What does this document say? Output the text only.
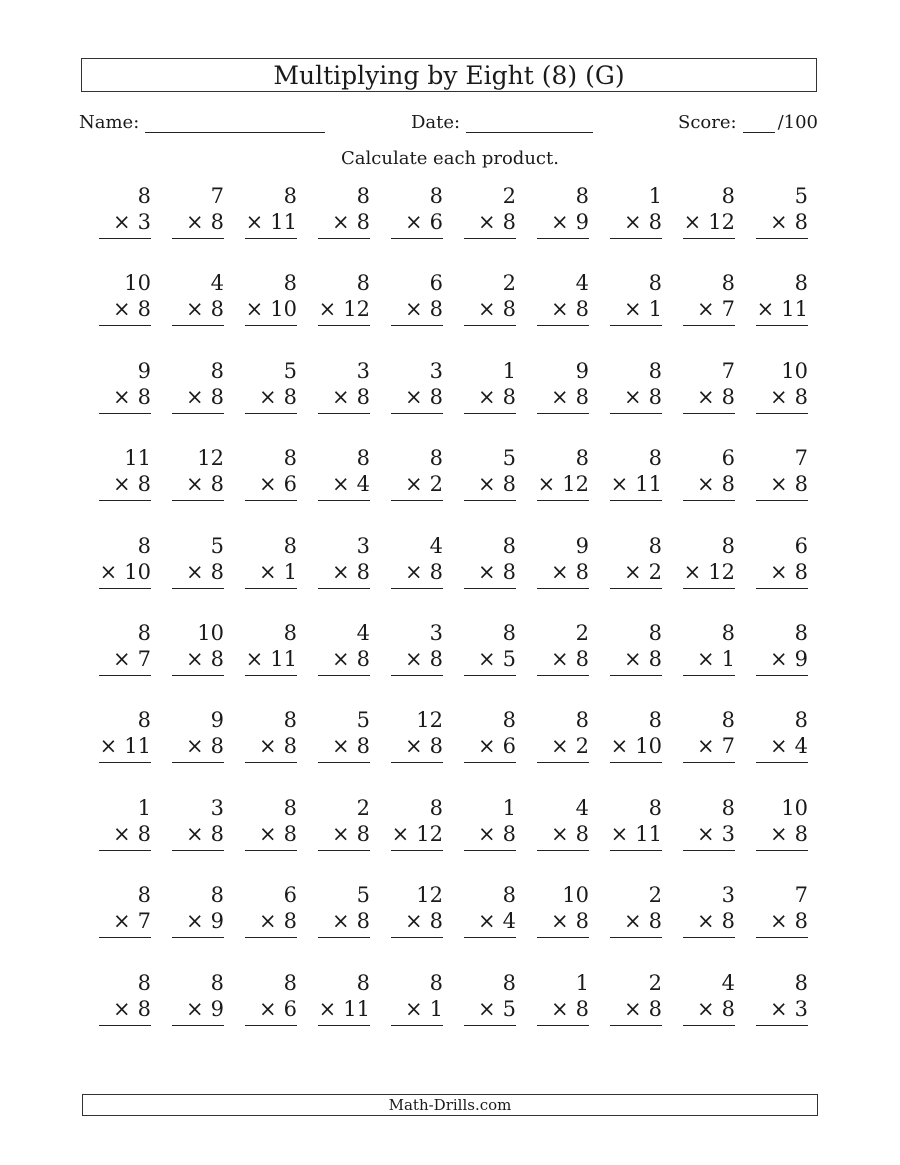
Multiplying by Eight (8) (G)
Name:	Date:	Score: /100
Calculate each product.
8
× 3
7
× 8
8
× 11
8
× 8
8
× 6
2
× 8
8
× 9
1
× 8
8
× 12
5
× 8
10
× 8
4
× 8
8
× 10
8
× 12
6
× 8
2
× 8
4
× 8
8
× 1
8
× 7
8
× 11
9
× 8
8
× 8
5
× 8
3
× 8
3
× 8
1
× 8
9
× 8
8
× 8
7
× 8
10
× 8
11
× 8
12
× 8
8
× 6
8
× 4
8
× 2
5
× 8
8
× 12
8
× 11
6
× 8
7
× 8
8
× 10
5
× 8
8
× 1
3
× 8
4
× 8
8
× 8
9
× 8
8
× 2
8
× 12
6
× 8
8
× 7
10
× 8
8
× 11
4
× 8
3
× 8
8
× 5
2
× 8
8
× 8
8
× 1
8
× 9
8
× 11
9
× 8
8
× 8
5
× 8
12
× 8
8
× 6
8
× 2
8
× 10
8
× 7
8
× 4
1
× 8
3
× 8
8
× 8
2
× 8
8
× 12
1
× 8
4
× 8
8
× 11
8
× 3
10
× 8
8
× 7
8
× 9
6
× 8
5
× 8
12
× 8
8
× 4
10
× 8
2
× 8
3
× 8
7
× 8
8
× 8
8
× 9
8
× 6
8
× 11
8
× 1
8
× 5
1
× 8
2
× 8
4
× 8
8
× 3
Math-Drills.com
